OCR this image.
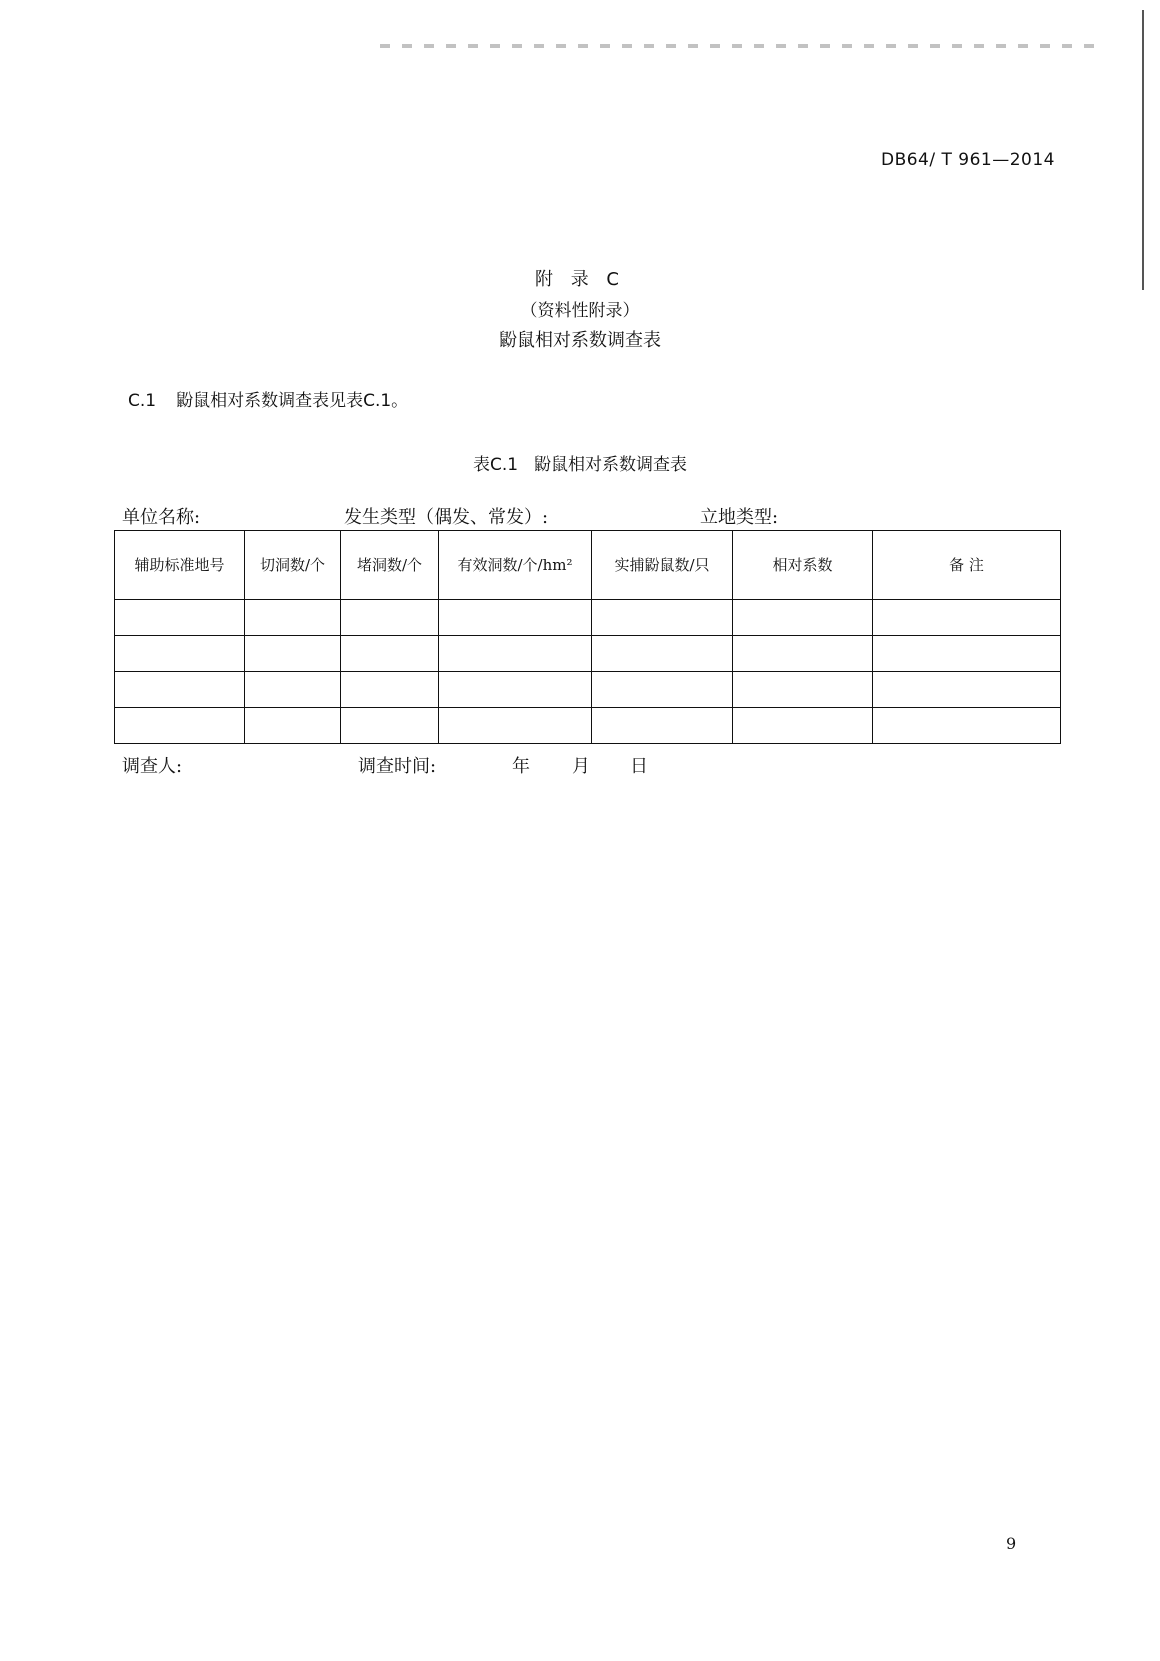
DB64/ T 961—2014
附 录 C
（资料性附录）
鼢鼠相对系数调查表
C.1 鼢鼠相对系数调查表见表C.1。
表C.1 鼢鼠相对系数调查表
单位名称:	发生类型（偶发、常发）:	立地类型:
辅助标准地号	切洞数/个	堵洞数/个	有效洞数/个/hm²	实捕鼢鼠数/只	相对系数	备 注

调查人:	调查时间:	年 月 日
9
